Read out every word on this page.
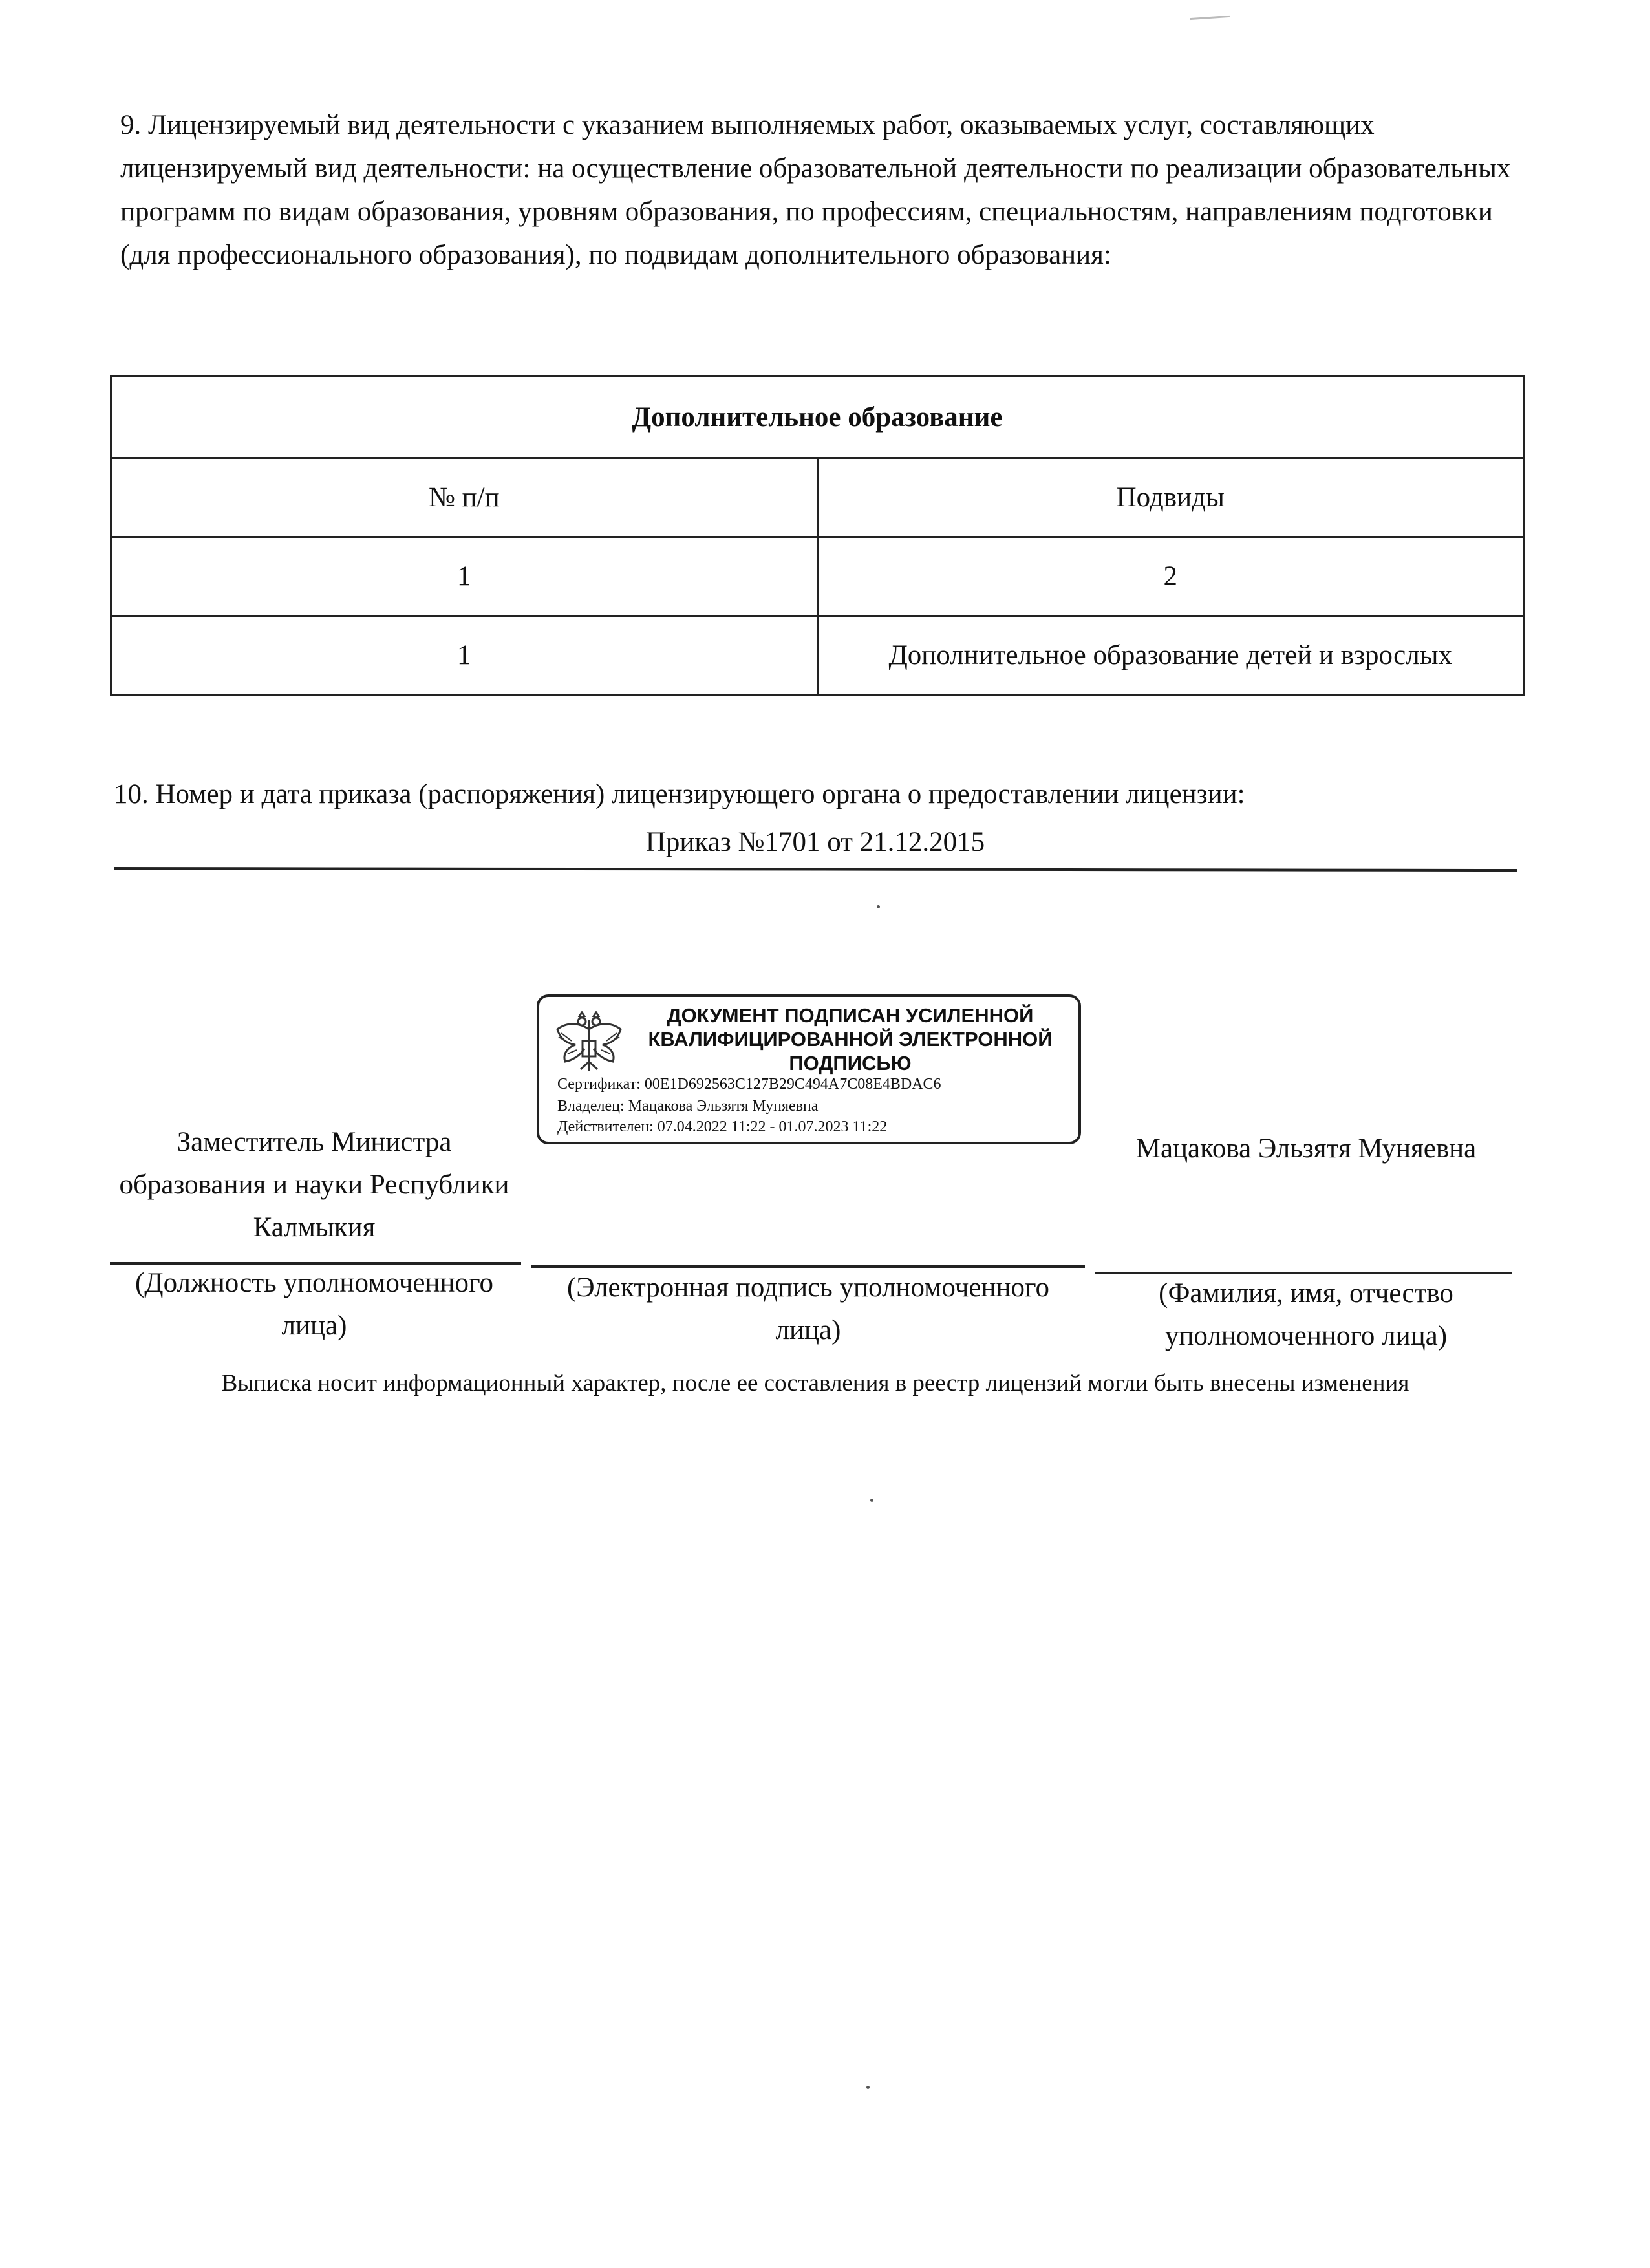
9. Лицензируемый вид деятельности с указанием выполняемых работ, оказываемых услуг, составляющих лицензируемый вид деятельности: на осуществление образовательной деятельности по реализации образовательных программ по видам образования, уровням образования, по профессиям, специальностям, направлениям подготовки (для профессионального образования), по подвидам дополнительного образования:

Дополнительное образование	
№ п/п	Подвиды
1	2
1	Дополнительное образование детей и взрослых
10. Номер и дата приказа (распоряжения) лицензирующего органа о предоставлении лицензии:
Приказ №1701 от 21.12.2015
ДОКУМЕНТ ПОДПИСАН УСИЛЕННОЙ КВАЛИФИЦИРОВАННОЙ ЭЛЕКТРОННОЙ ПОДПИСЬЮ
Сертификат: 00E1D692563C127B29C494A7C08E4BDAC6
Владелец: Мацакова Эльзятя Муняевна
Действителен: 07.04.2022 11:22 - 01.07.2023 11:22
Заместитель Министра образования и науки Республики Калмыкия
Мацакова Эльзятя Муняевна
(Должность уполномоченного лица)
(Электронная подпись уполномоченного лица)
(Фамилия, имя, отчество уполномоченного лица)
Выписка носит информационный характер, после ее составления в реестр лицензий могли быть внесены изменения
